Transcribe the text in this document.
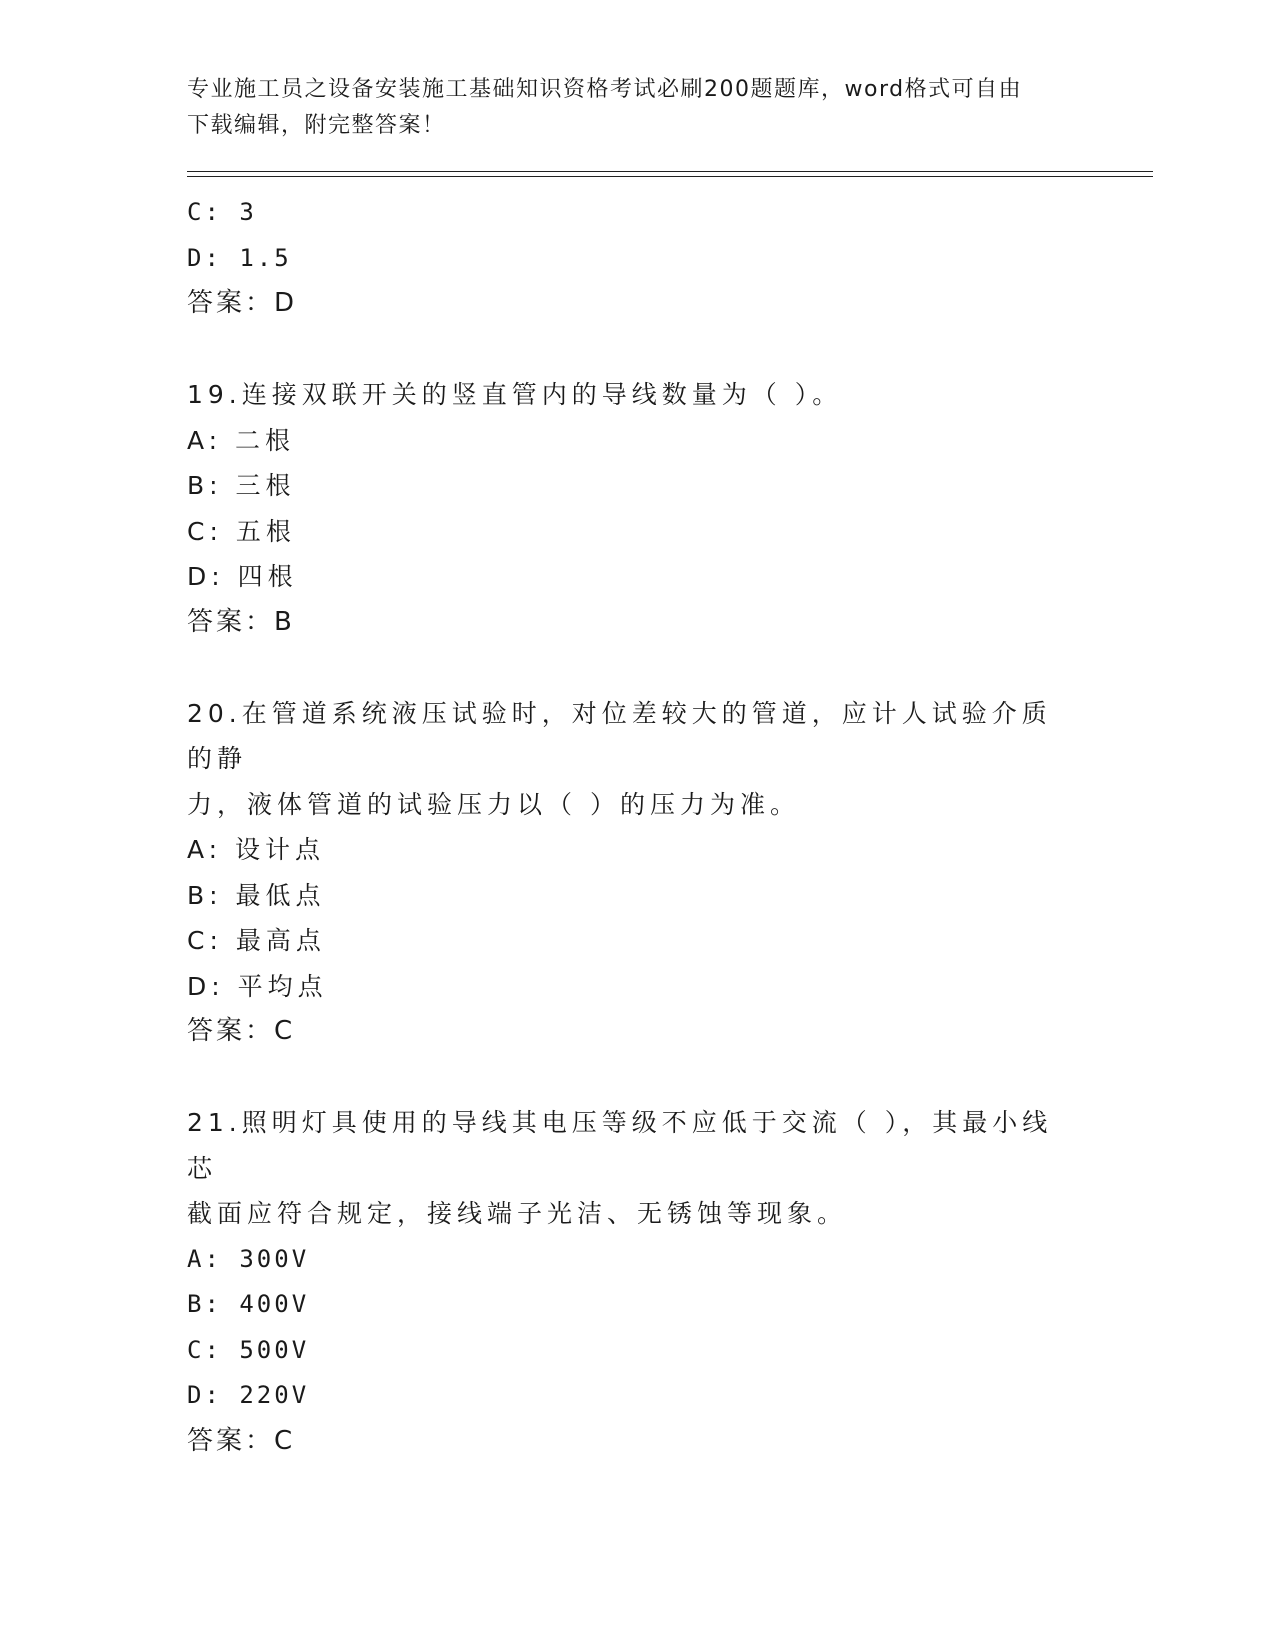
专业施工员之设备安装施工基础知识资格考试必刷200题题库，word格式可自由
下载编辑，附完整答案！
C: 3
D: 1.5
答案：D
19.连接双联开关的竖直管内的导线数量为（ ）。
A: 二根
B: 三根
C: 五根
D: 四根
答案：B
20.在管道系统液压试验时，对位差较大的管道，应计人试验介质的静
力，液体管道的试验压力以（ ）的压力为准。
A: 设计点
B: 最低点
C: 最高点
D: 平均点
答案：C
21.照明灯具使用的导线其电压等级不应低于交流（ ），其最小线芯
截面应符合规定，接线端子光洁、无锈蚀等现象。
A: 300V
B: 400V
C: 500V
D: 220V
答案：C
